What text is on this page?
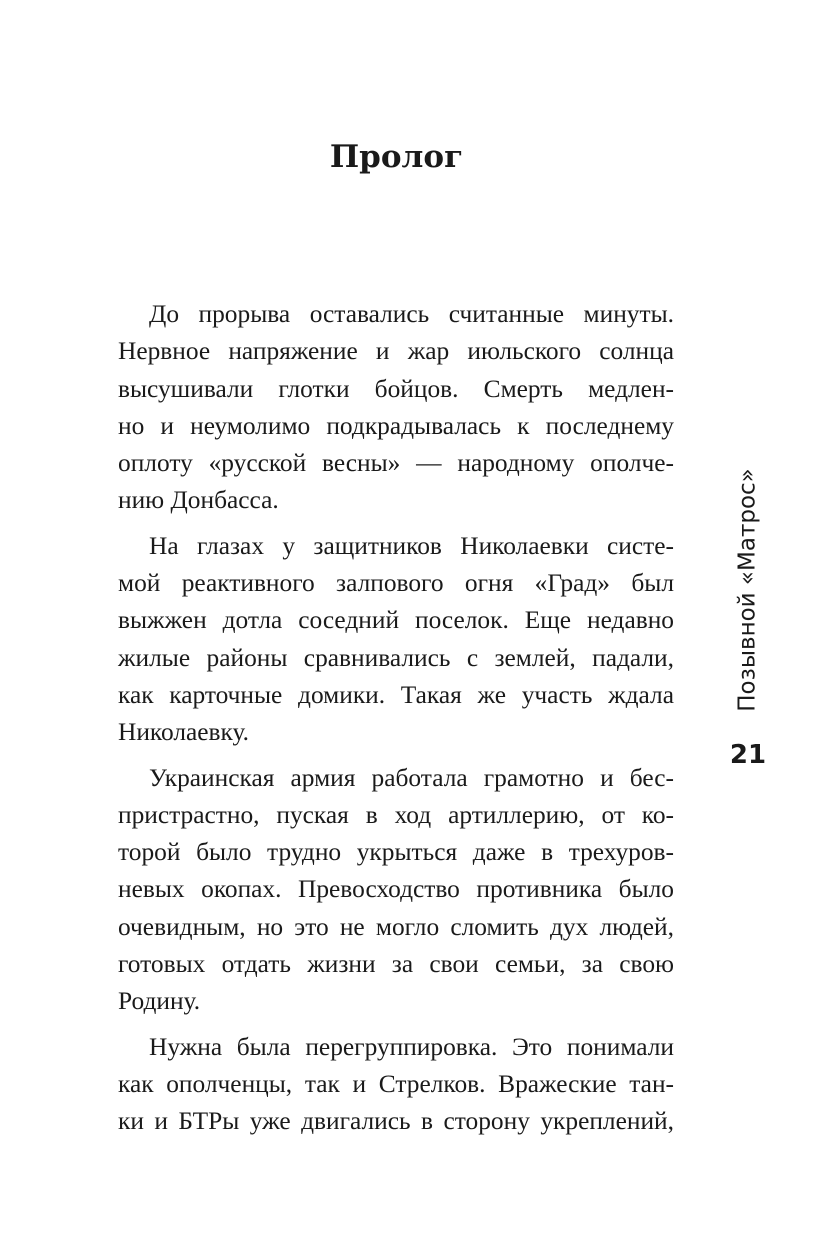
Пролог
До прорыва оставались считанные минуты.
Нервное напряжение и жар июльского солнца
высушивали глотки бойцов. Смерть медлен-
но и неумолимо подкрадывалась к последнему
оплоту «русской весны» — народному ополче-
нию Донбасса.
На глазах у защитников Николаевки систе-
мой реактивного залпового огня «Град» был
выжжен дотла соседний поселок. Еще недавно
жилые районы сравнивались с землей, падали,
как карточные домики. Такая же участь ждала
Николаевку.
Украинская армия работала грамотно и бес-
пристрастно, пуская в ход артиллерию, от ко-
торой было трудно укрыться даже в трехуров-
невых окопах. Превосходство противника было
очевидным, но это не могло сломить дух людей,
готовых отдать жизни за свои семьи, за свою
Родину.
Нужна была перегруппировка. Это понимали
как ополченцы, так и Стрелков. Вражеские тан-
ки и БТРы уже двигались в сторону укреплений,
Позывной «Матрос»
21
